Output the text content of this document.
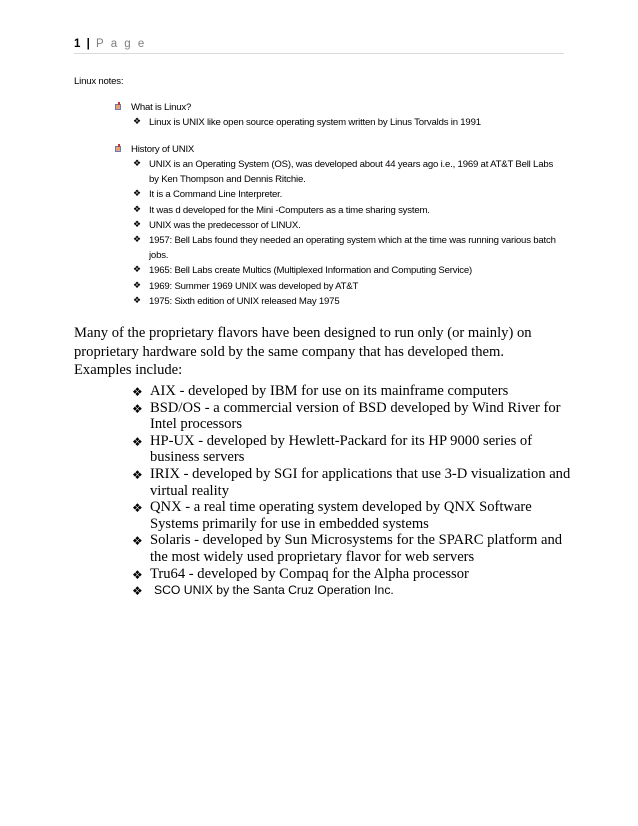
1 | P a g e
Linux notes:
What is Linux?
❖ Linux is UNIX like open source operating system written by Linus Torvalds in 1991
History of UNIX
❖ UNIX is an Operating System (OS), was developed about 44 years ago i.e., 1969 at AT&T Bell Labs by Ken Thompson and Dennis Ritchie.
❖ It is a Command Line Interpreter.
❖ It was d developed for the Mini -Computers as a time sharing system.
❖ UNIX was the predecessor of LINUX.
❖ 1957: Bell Labs found they needed an operating system which at the time was running various batch jobs.
❖ 1965: Bell Labs create Multics (Multiplexed Information and Computing Service)
❖ 1969: Summer 1969 UNIX was developed by AT&T
❖ 1975: Sixth edition of UNIX released May 1975
Many of the proprietary flavors have been designed to run only (or mainly) on proprietary hardware sold by the same company that has developed them. Examples include:
❖ AIX - developed by IBM for use on its mainframe computers
❖ BSD/OS - a commercial version of BSD developed by Wind River for Intel processors
❖ HP-UX - developed by Hewlett-Packard for its HP 9000 series of business servers
❖ IRIX - developed by SGI for applications that use 3-D visualization and virtual reality
❖ QNX - a real time operating system developed by QNX Software Systems primarily for use in embedded systems
❖ Solaris - developed by Sun Microsystems for the SPARC platform and the most widely used proprietary flavor for web servers
❖ Tru64 - developed by Compaq for the Alpha processor
❖ SCO UNIX by the Santa Cruz Operation Inc.
